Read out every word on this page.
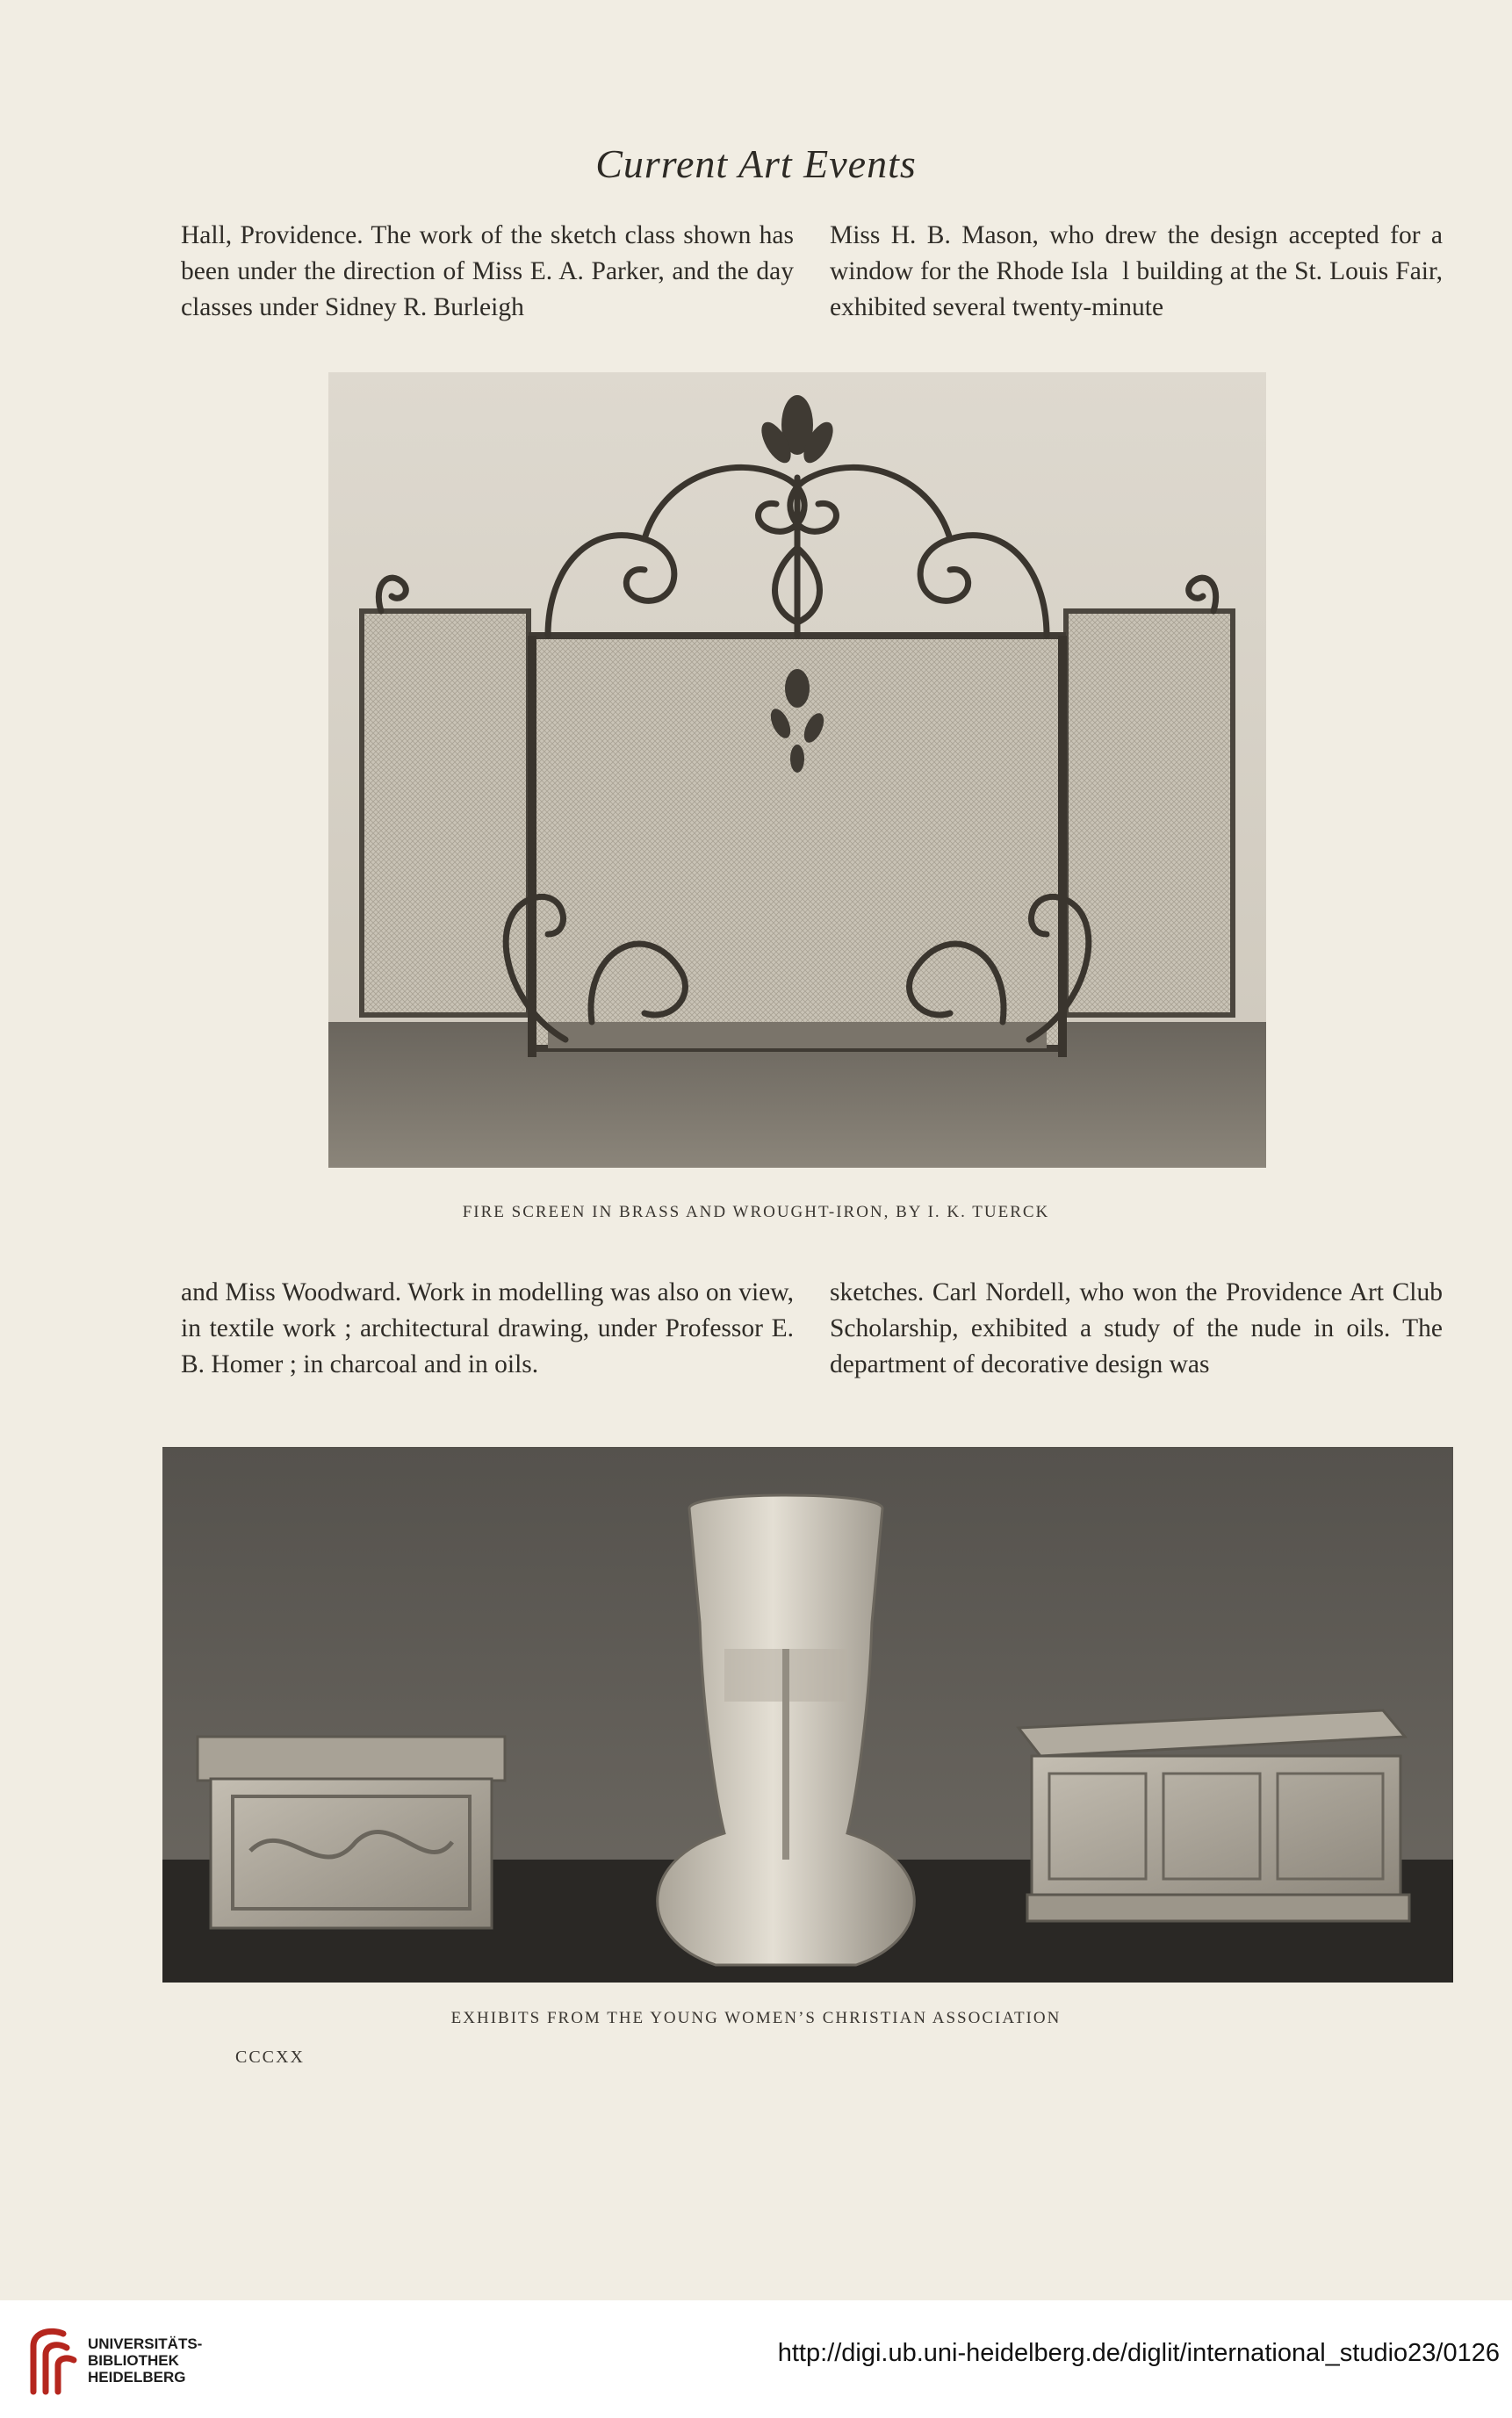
Current Art Events

Hall, Providence. The work of the sketch class shown has been under the direction of Miss E. A. Parker, and the day classes under Sidney R. Burleigh

Miss H. B. Mason, who drew the design accepted for a window for the Rhode Isla  l building at the St. Louis Fair, exhibited several twenty-minute

FIRE SCREEN IN BRASS AND WROUGHT-IRON, BY I. K. TUERCK

and Miss Woodward. Work in modelling was also on view, in textile work ; architectural drawing, under Professor E. B. Homer ; in charcoal and in oils.

sketches. Carl Nordell, who won the Providence Art Club Scholarship, exhibited a study of the nude in oils. The department of decorative design was

EXHIBITS FROM THE YOUNG WOMEN’S CHRISTIAN ASSOCIATION
CCCXX
UNIVERSITÄTS-
BIBLIOTHEK
HEIDELBERG
http://digi.ub.uni-heidelberg.de/diglit/international_studio23/0126
